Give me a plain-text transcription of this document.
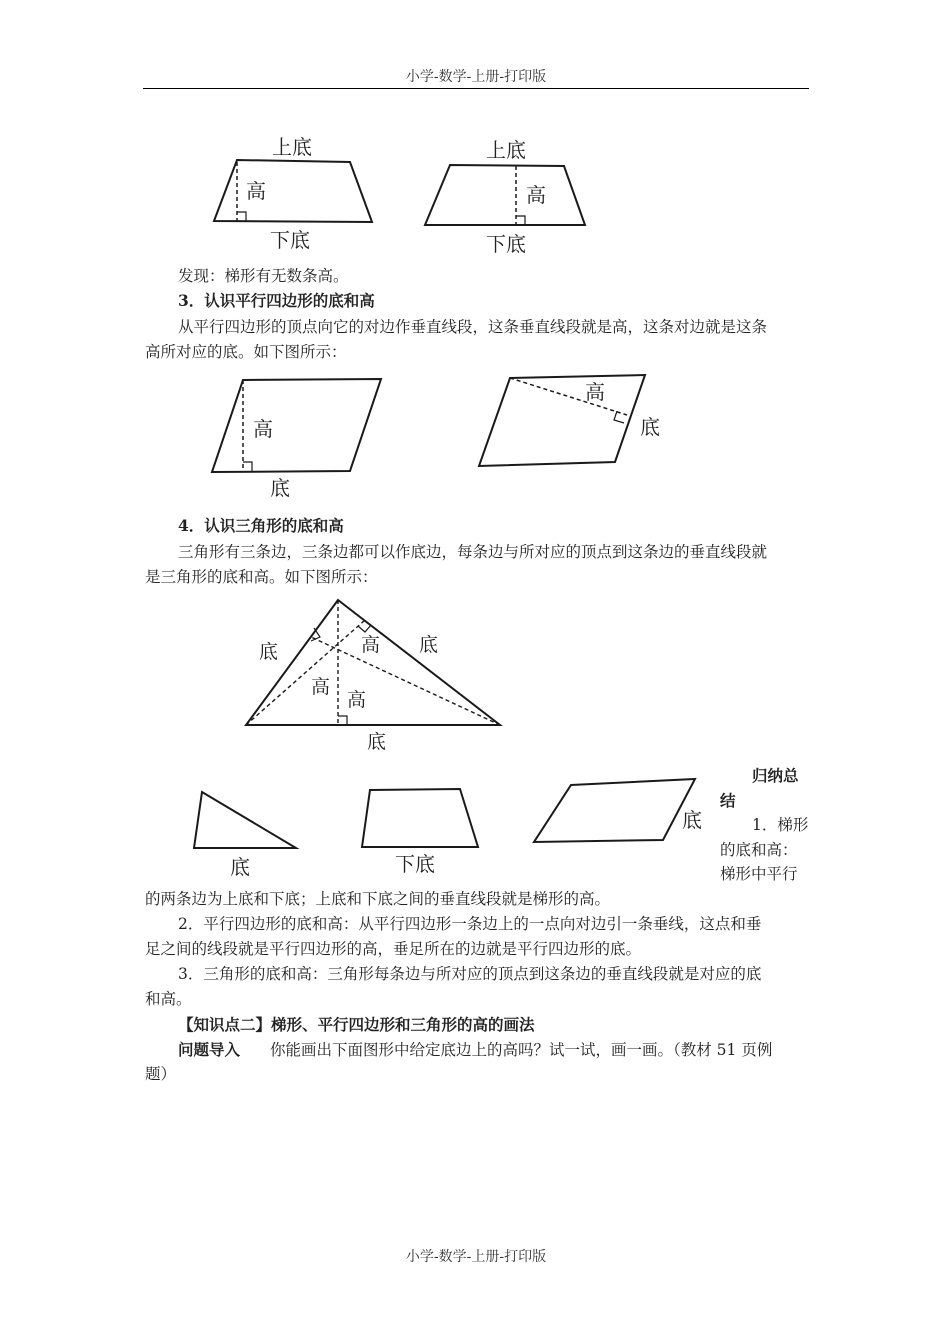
小学-数学-上册-打印版
上底
高
下底
上底
高
下底
发现：梯形有无数条高。
3．认识平行四边形的底和高
从平行四边形的顶点向它的对边作垂直线段，这条垂直线段就是高，这条对边就是这条
高所对应的底。如下图所示：
高
底
高
底
4．认识三角形的底和高
三角形有三条边，三条边都可以作底边，每条边与所对应的顶点到这条边的垂直线段就
是三角形的底和高。如下图所示：
底	底
高
高
高
底
底	下底
底
归纳总
结
1．梯形
的底和高：
梯形中平行
的两条边为上底和下底；上底和下底之间的垂直线段就是梯形的高。
2．平行四边形的底和高：从平行四边形一条边上的一点向对边引一条垂线，这点和垂
足之间的线段就是平行四边形的高，垂足所在的边就是平行四边形的底。
3．三角形的底和高：三角形每条边与所对应的顶点到这条边的垂直线段就是对应的底
和高。
【知识点二】梯形、平行四边形和三角形的高的画法
问题导入 你能画出下面图形中给定底边上的高吗？试一试，画一画。（教材 51 页例
题）
小学-数学-上册-打印版
